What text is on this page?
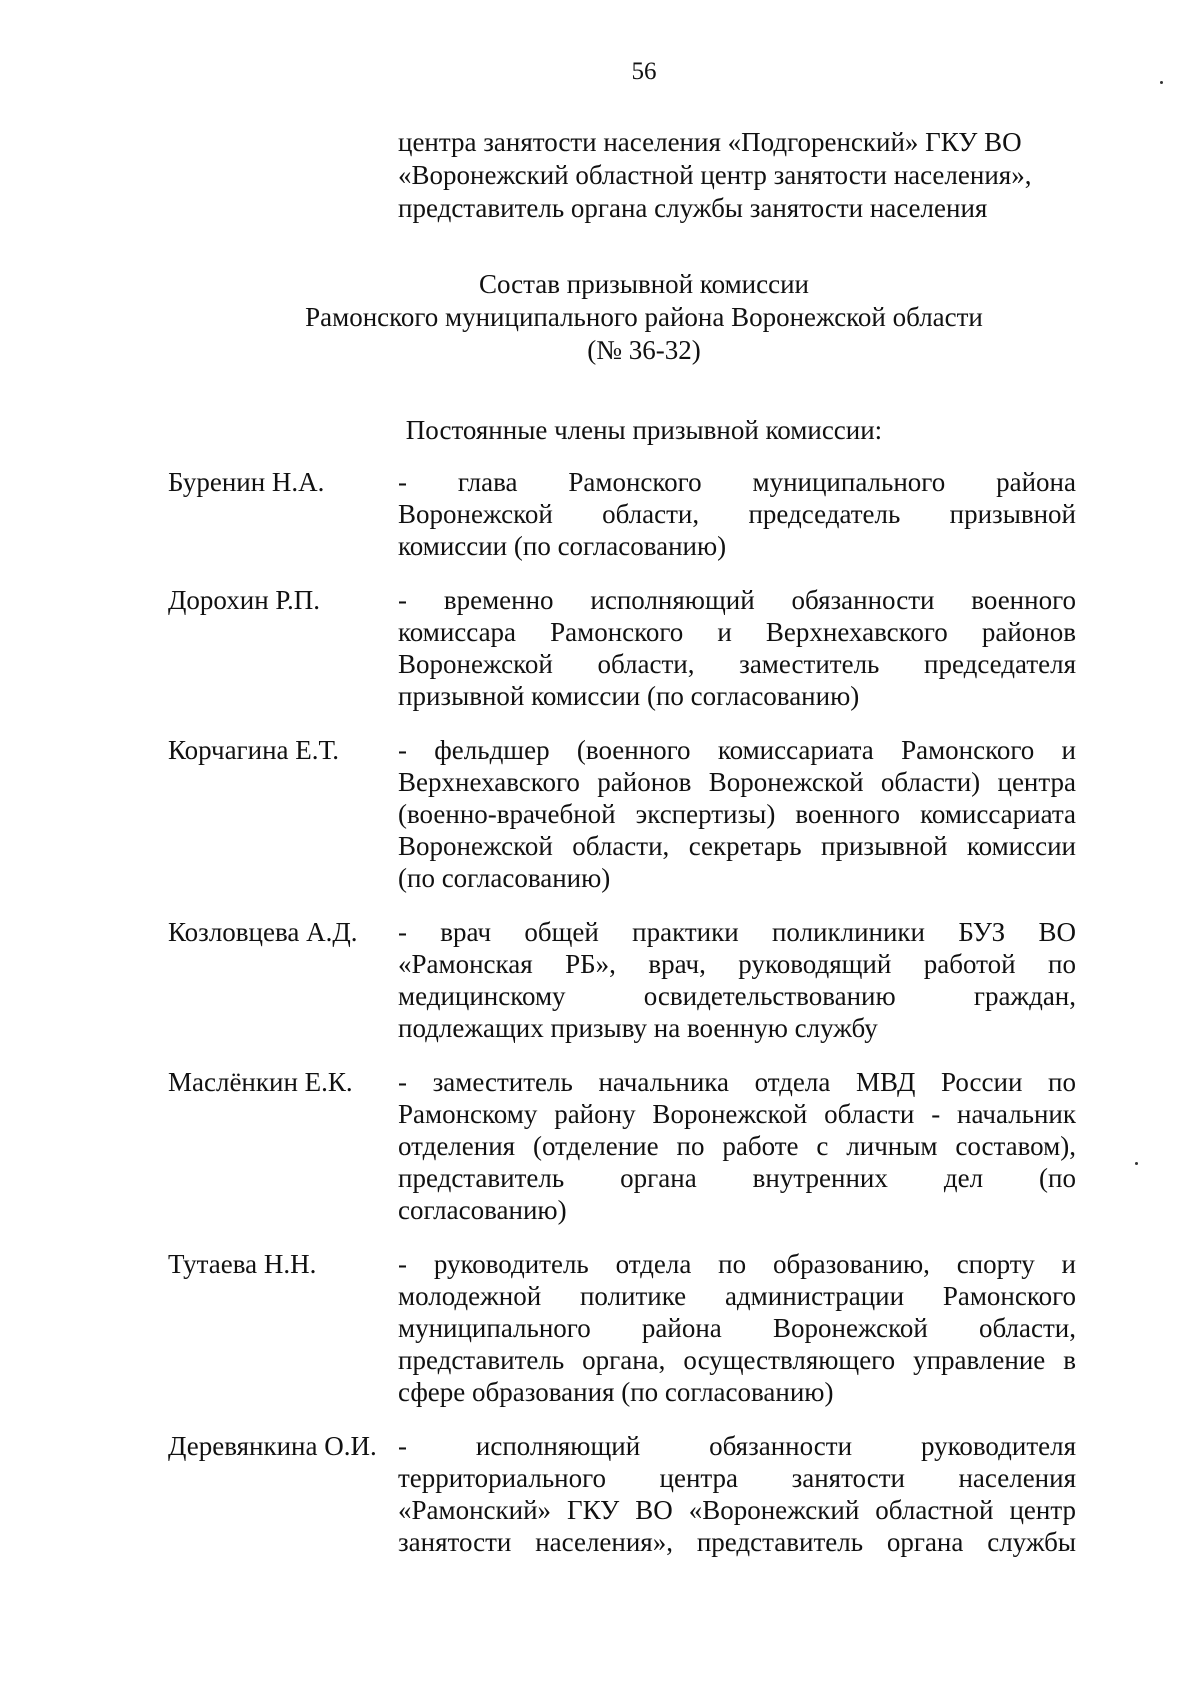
56
центра занятости населения «Подгоренский» ГКУ ВО
«Воронежский областной центр занятости населения»,
представитель органа службы занятости населения
Состав призывной комиссии
Рамонского муниципального района Воронежской области
(№ 36-32)
Постоянные члены призывной комиссии:
Буренин Н.А.	- глава Рамонского муниципального района
Воронежской области, председатель призывной
комиссии (по согласованию)
Дорохин Р.П.	- временно исполняющий обязанности военного
комиссара Рамонского и Верхнехавского районов
Воронежской области, заместитель председателя
призывной комиссии (по согласованию)
Корчагина Е.Т.	- фельдшер (военного комиссариата Рамонского и
Верхнехавского районов Воронежской области) центра
(военно-врачебной экспертизы) военного комиссариата
Воронежской области, секретарь призывной комиссии
(по согласованию)
Козловцева А.Д.	- врач общей практики поликлиники БУЗ ВО
«Рамонская РБ», врач, руководящий работой по
медицинскому освидетельствованию граждан,
подлежащих призыву на военную службу
Маслёнкин Е.К.	- заместитель начальника отдела МВД России по
Рамонскому району Воронежской области - начальник
отделения (отделение по работе с личным составом),
представитель органа внутренних дел (по
согласованию)
Тутаева Н.Н.	- руководитель отдела по образованию, спорту и
молодежной политике администрации Рамонского
муниципального района Воронежской области,
представитель органа, осуществляющего управление в
сфере образования (по согласованию)
Деревянкина О.И. - исполняющий обязанности руководителя
территориального центра занятости населения
«Рамонский» ГКУ ВО «Воронежский областной центр
занятости населения», представитель органа службы
